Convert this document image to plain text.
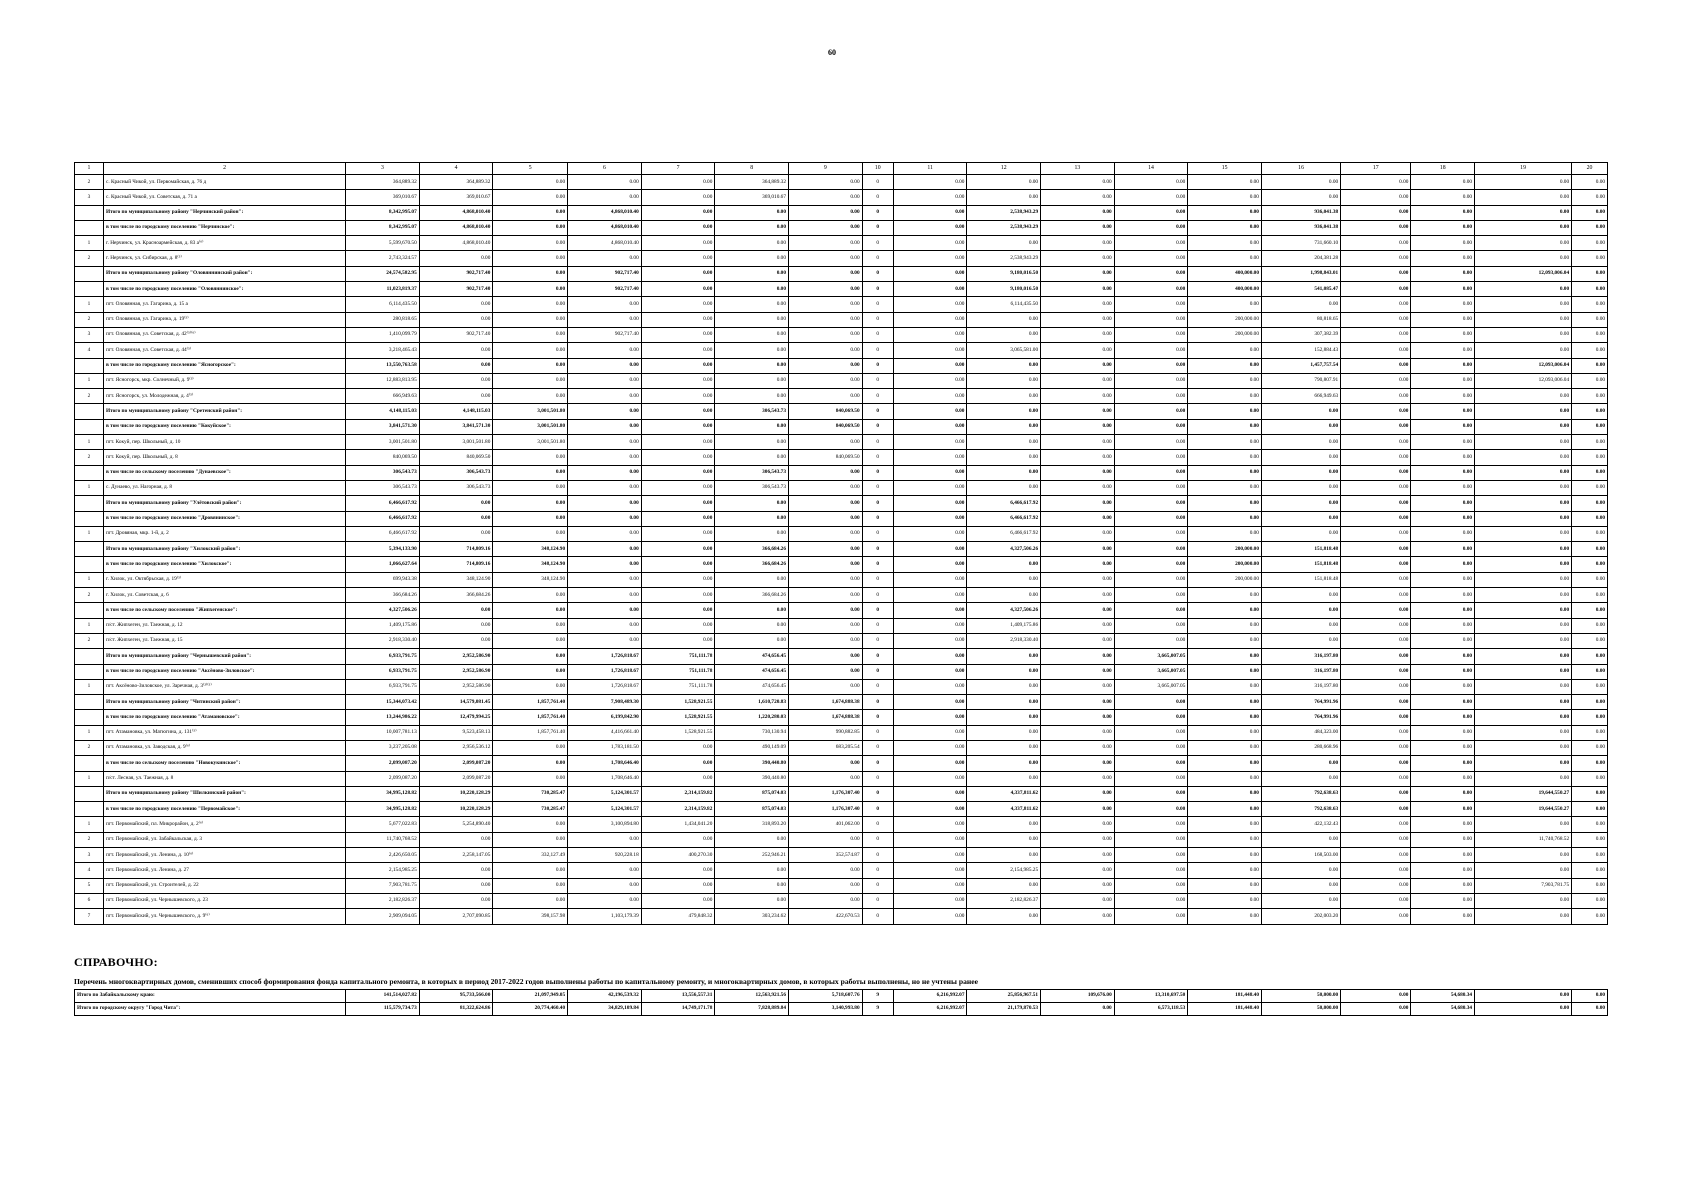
60
1	2	3	4	5	6	7	8	9	10	11	12	13	14	15	16	17	18	19	20
2	с. Красный Чикой, ул. Первомайская, д. 76 д	364,889.32	364,889.32	0.00	0.00	0.00	364,889.32	0.00	0	0.00	0.00	0.00	0.00	0.00	0.00	0.00	0.00	0.00	0.00
3	с. Красный Чикой, ул. Советская, д. 71 а	369,010.67	369,010.67	0.00	0.00	0.00	369,010.67	0.00	0	0.00	0.00	0.00	0.00	0.00	0.00	0.00	0.00	0.00	0.00
	Итого по муниципальному району "Нерчинский район":	8,342,995.07	4,868,010.40	0.00	4,868,010.40	0.00	0.00	0.00	0	0.00	2,538,943.29	0.00	0.00	0.00	936,041.38	0.00	0.00	0.00	0.00
	в том числе по городскому поселению "Нерчинское":	8,342,995.07	4,868,010.40	0.00	4,868,010.40	0.00	0.00	0.00	0	0.00	2,538,943.29	0.00	0.00	0.00	936,041.38	0.00	0.00	0.00	0.00
1	г. Нерчинск, ул. Красноармейская, д. 83 а⁽⁶⁾	5,599,670.50	4,868,010.40	0.00	4,868,010.40	0.00	0.00	0.00	0	0.00	0.00	0.00	0.00	0.00	731,660.10	0.00	0.00	0.00	0.00
2	г. Нерчинск, ул. Сибирская, д. 8⁽⁵⁾	2,743,324.57	0.00	0.00	0.00	0.00	0.00	0.00	0	0.00	2,538,943.29	0.00	0.00	0.00	204,381.28	0.00	0.00	0.00	0.00
	Итого по муниципальному району "Оловяннинский район":	24,574,582.95	902,717.40	0.00	902,717.40	0.00	0.00	0.00	0	0.00	9,180,016.50	0.00	0.00	400,000.00	1,998,843.01	0.00	0.00	12,093,006.04	0.00
	в том числе по городскому поселению "Оловяннинское":	11,023,819.37	902,717.40	0.00	902,717.40	0.00	0.00	0.00	0	0.00	9,180,016.50	0.00	0.00	400,000.00	541,085.47	0.00	0.00	0.00	0.00
1	пгт. Оловянная, ул. Гагарина, д. 15 а	6,114,435.50	0.00	0.00	0.00	0.00	0.00	0.00	0	0.00	6,114,435.50	0.00	0.00	0.00	0.00	0.00	0.00	0.00	0.00
2	пгт. Оловянная, ул. Гагарина, д. 19⁽⁵⁾	280,818.65	0.00	0.00	0.00	0.00	0.00	0.00	0	0.00	0.00	0.00	0.00	200,000.00	80,818.65	0.00	0.00	0.00	0.00
3	пгт. Оловянная, ул. Советская, д. 42⁽⁵⁾⁽⁶⁾	1,410,099.79	902,717.40	0.00	902,717.40	0.00	0.00	0.00	0	0.00	0.00	0.00	0.00	200,000.00	307,382.39	0.00	0.00	0.00	0.00
4	пгт. Оловянная, ул. Советская, д. 44⁽⁵⁾	3,218,465.43	0.00	0.00	0.00	0.00	0.00	0.00	0	0.00	3,065,581.00	0.00	0.00	0.00	152,884.43	0.00	0.00	0.00	0.00
	в том числе по городскому поселению "Ясногорское":	13,550,763.58	0.00	0.00	0.00	0.00	0.00	0.00	0	0.00	0.00	0.00	0.00	0.00	1,457,757.54	0.00	0.00	12,093,006.04	0.00
1	пгт. Ясногорск, мкр. Солнечный, д. 9⁽³⁾	12,883,813.95	0.00	0.00	0.00	0.00	0.00	0.00	0	0.00	0.00	0.00	0.00	0.00	790,807.91	0.00	0.00	12,093,006.04	0.00
2	пгт. Ясногорск, ул. Молодежная, д. 4⁽⁵⁾	666,949.63	0.00	0.00	0.00	0.00	0.00	0.00	0	0.00	0.00	0.00	0.00	0.00	666,949.63	0.00	0.00	0.00	0.00
	Итого по муниципальному району "Сретенский район":	4,148,115.03	4,148,115.03	3,001,501.80	0.00	0.00	306,543.73	840,069.50	0	0.00	0.00	0.00	0.00	0.00	0.00	0.00	0.00	0.00	0.00
	в том числе по городскому поселению "Кокуйское":	3,841,571.30	3,841,571.30	3,001,501.80	0.00	0.00	0.00	840,069.50	0	0.00	0.00	0.00	0.00	0.00	0.00	0.00	0.00	0.00	0.00
1	пгт. Кокуй, пер. Школьный, д. 10	3,001,501.80	3,001,501.80	3,001,501.80	0.00	0.00	0.00	0.00	0	0.00	0.00	0.00	0.00	0.00	0.00	0.00	0.00	0.00	0.00
2	пгт. Кокуй, пер. Школьный, д. 8	840,069.50	840,069.50	0.00	0.00	0.00	0.00	840,069.50	0	0.00	0.00	0.00	0.00	0.00	0.00	0.00	0.00	0.00	0.00
	в том числе по сельскому поселению "Дунаевское":	306,543.73	306,543.73	0.00	0.00	0.00	306,543.73	0.00	0	0.00	0.00	0.00	0.00	0.00	0.00	0.00	0.00	0.00	0.00
1	с. Дунаево, ул. Нагорная, д. 8	306,543.73	306,543.73	0.00	0.00	0.00	306,543.73	0.00	0	0.00	0.00	0.00	0.00	0.00	0.00	0.00	0.00	0.00	0.00
	Итого по муниципальному району "Улётовский район":	6,466,617.92	0.00	0.00	0.00	0.00	0.00	0.00	0	0.00	6,466,617.92	0.00	0.00	0.00	0.00	0.00	0.00	0.00	0.00
	в том числе по городскому поселению "Дровянинское":	6,466,617.92	0.00	0.00	0.00	0.00	0.00	0.00	0	0.00	6,466,617.92	0.00	0.00	0.00	0.00	0.00	0.00	0.00	0.00
1	пгт. Дровяная, мкр. 1-й, д. 2	6,466,617.92	0.00	0.00	0.00	0.00	0.00	0.00	0	0.00	6,466,617.92	0.00	0.00	0.00	0.00	0.00	0.00	0.00	0.00
	Итого по муниципальному району "Хилокский район":	5,394,133.90	714,809.16	348,124.90	0.00	0.00	366,684.26	0.00	0	0.00	4,327,506.26	0.00	0.00	200,000.00	151,818.48	0.00	0.00	0.00	0.00
	в том числе по городскому поселению "Хилокское":	1,066,627.64	714,809.16	348,124.90	0.00	0.00	366,684.26	0.00	0	0.00	0.00	0.00	0.00	200,000.00	151,818.48	0.00	0.00	0.00	0.00
1	г. Хилок, ул. Октябрьская, д. 19⁽⁵⁾	699,943.38	348,124.90	348,124.90	0.00	0.00	0.00	0.00	0	0.00	0.00	0.00	0.00	200,000.00	151,818.48	0.00	0.00	0.00	0.00
2	г. Хилок, ул. Советская, д. 6	366,684.26	366,684.26	0.00	0.00	0.00	366,684.26	0.00	0	0.00	0.00	0.00	0.00	0.00	0.00	0.00	0.00	0.00	0.00
	в том числе по сельскому поселению "Жипхегенское":	4,327,506.26	0.00	0.00	0.00	0.00	0.00	0.00	0	0.00	4,327,506.26	0.00	0.00	0.00	0.00	0.00	0.00	0.00	0.00
1	п/ст. Жипхеген, ул. Таежная, д. 12	1,409,175.86	0.00	0.00	0.00	0.00	0.00	0.00	0	0.00	1,409,175.86	0.00	0.00	0.00	0.00	0.00	0.00	0.00	0.00
2	п/ст. Жипхеген, ул. Таежная, д. 15	2,918,330.40	0.00	0.00	0.00	0.00	0.00	0.00	0	0.00	2,918,330.40	0.00	0.00	0.00	0.00	0.00	0.00	0.00	0.00
	Итого по муниципальному району "Чернышевский район":	6,933,791.75	2,952,586.90	0.00	1,726,818.67	751,111.78	474,656.45	0.00	0	0.00	0.00	0.00	3,665,007.05	0.00	316,197.80	0.00	0.00	0.00	0.00
	в том числе по городскому поселению "Аксёново-Зиловское":	6,933,791.75	2,952,586.90	0.00	1,726,818.67	751,111.78	474,656.45	0.00	0	0.00	0.00	0.00	3,665,007.05	0.00	316,197.80	0.00	0.00	0.00	0.00
1	пгт. Аксёново-Зиловское, ул. Заречная, д. 3⁽²⁾⁽⁵⁾	6,933,791.75	2,952,586.90	0.00	1,726,818.67	751,111.78	474,656.45	0.00	0	0.00	0.00	0.00	3,665,007.05	0.00	316,197.80	0.00	0.00	0.00	0.00
	Итого по муниципальному району "Читинский район":	15,344,073.42	14,579,081.45	1,857,761.40	7,908,489.30	1,528,921.55	1,610,720.83	1,674,888.38	0	0.00	0.00	0.00	0.00	0.00	764,991.96	0.00	0.00	0.00	0.00
	в том числе по городскому поселению "Атамановское":	13,244,986.22	12,479,994.25	1,857,761.40	6,199,842.90	1,528,921.55	1,220,280.03	1,674,888.38	0	0.00	0.00	0.00	0.00	0.00	764,991.96	0.00	0.00	0.00	0.00
1	пгт. Атамановка, ул. Матюгина, д. 131⁽⁵⁾	10,007,781.13	9,523,458.13	1,857,761.40	4,416,661.40	1,528,921.55	730,130.94	990,882.85	0	0.00	0.00	0.00	0.00	0.00	484,323.00	0.00	0.00	0.00	0.00
2	пгт. Атамановка, ул. Заводская, д. 9⁽⁶⁾	3,237,205.08	2,956,536.12	0.00	1,783,181.50	0.00	490,149.09	683,205.54	0	0.00	0.00	0.00	0.00	0.00	280,668.96	0.00	0.00	0.00	0.00
	в том числе по сельскому поселению "Новокукинское":	2,099,087.20	2,099,087.20	0.00	1,708,646.40	0.00	390,440.80	0.00	0	0.00	0.00	0.00	0.00	0.00	0.00	0.00	0.00	0.00	0.00
1	п/ст. Лесная, ул. Таежная, д. 8	2,099,087.20	2,099,087.20	0.00	1,708,646.40	0.00	390,440.80	0.00	0	0.00	0.00	0.00	0.00	0.00	0.00	0.00	0.00	0.00	0.00
	Итого по муниципальному району "Шилкинский район":	34,995,128.82	10,220,128.29	730,285.47	5,124,301.57	2,314,159.82	875,074.03	1,176,307.40	0	0.00	4,337,811.62	0.00	0.00	0.00	792,638.63	0.00	0.00	19,644,550.27	0.00
	в том числе по городскому поселению "Первомайское":	34,995,128.82	10,220,128.29	730,285.47	5,124,301.57	2,314,159.82	875,074.03	1,176,307.40	0	0.00	4,337,811.62	0.00	0.00	0.00	792,638.63	0.00	0.00	19,644,550.27	0.00
1	пгт. Первомайский, пл. Микрорайон, д. 2⁽⁶⁾	5,677,022.83	5,254,890.40	0.00	3,100,894.80	1,434,041.20	318,893.20	401,062.00	0	0.00	0.00	0.00	0.00	0.00	422,132.43	0.00	0.00	0.00	0.00
2	пгт. Первомайский, ул. Забайкальская, д. 3	11,740,768.52	0.00	0.00	0.00	0.00	0.00	0.00	0	0.00	0.00	0.00	0.00	0.00	0.00	0.00	0.00	11,740,768.52	0.00
3	пгт. Первомайский, ул. Ленина, д. 10⁽⁶⁾	2,426,650.05	2,258,147.05	332,127.49	920,228.18	400,270.30	252,946.21	352,574.87	0	0.00	0.00	0.00	0.00	0.00	168,503.00	0.00	0.00	0.00	0.00
4	пгт. Первомайский, ул. Ленина, д. 27	2,154,985.25	0.00	0.00	0.00	0.00	0.00	0.00	0	0.00	2,154,985.25	0.00	0.00	0.00	0.00	0.00	0.00	0.00	0.00
5	пгт. Первомайский, ул. Строителей, д. 22	7,903,781.75	0.00	0.00	0.00	0.00	0.00	0.00	0	0.00	0.00	0.00	0.00	0.00	0.00	0.00	0.00	7,903,781.75	0.00
6	пгт. Первомайский, ул. Чернышевского, д. 23	2,182,826.37	0.00	0.00	0.00	0.00	0.00	0.00	0	0.00	2,182,826.37	0.00	0.00	0.00	0.00	0.00	0.00	0.00	0.00
7	пгт. Первомайский, ул. Чернышевского, д. 9⁽⁶⁾	2,909,094.05	2,707,090.85	398,157.98	1,103,179.39	479,848.32	303,234.62	422,670.53	0	0.00	0.00	0.00	0.00	0.00	202,003.20	0.00	0.00	0.00	0.00
СПРАВОЧНО:
Перечень многоквартирных домов, сменивших способ формирования фонда капитального ремонта, в которых в период 2017-2022 годов выполнены работы по капитальному ремонту, и многоквартирных домов, в которых работы выполнены, но не учтены ранее
Итого по Забайкальскому краю:	141,514,027.82	95,733,566.00	21,097,949.05	42,196,539.32	13,556,557.31	12,563,921.56	5,718,607.76	9	6,216,992.07	25,856,967.51	109,676.00	13,310,697.50	181,448.40	50,000.00	0.00	54,680.34	0.00	0.00
Итого по городскому округу "Город Чита":	115,579,734.73	81,322,624.86	20,774,460.40	34,829,109.84	14,749,171.78	7,828,889.84	3,140,993.80	9	6,216,992.07	21,179,870.53	0.00	6,573,118.53	181,448.40	50,000.00	0.00	54,680.34	0.00	0.00
